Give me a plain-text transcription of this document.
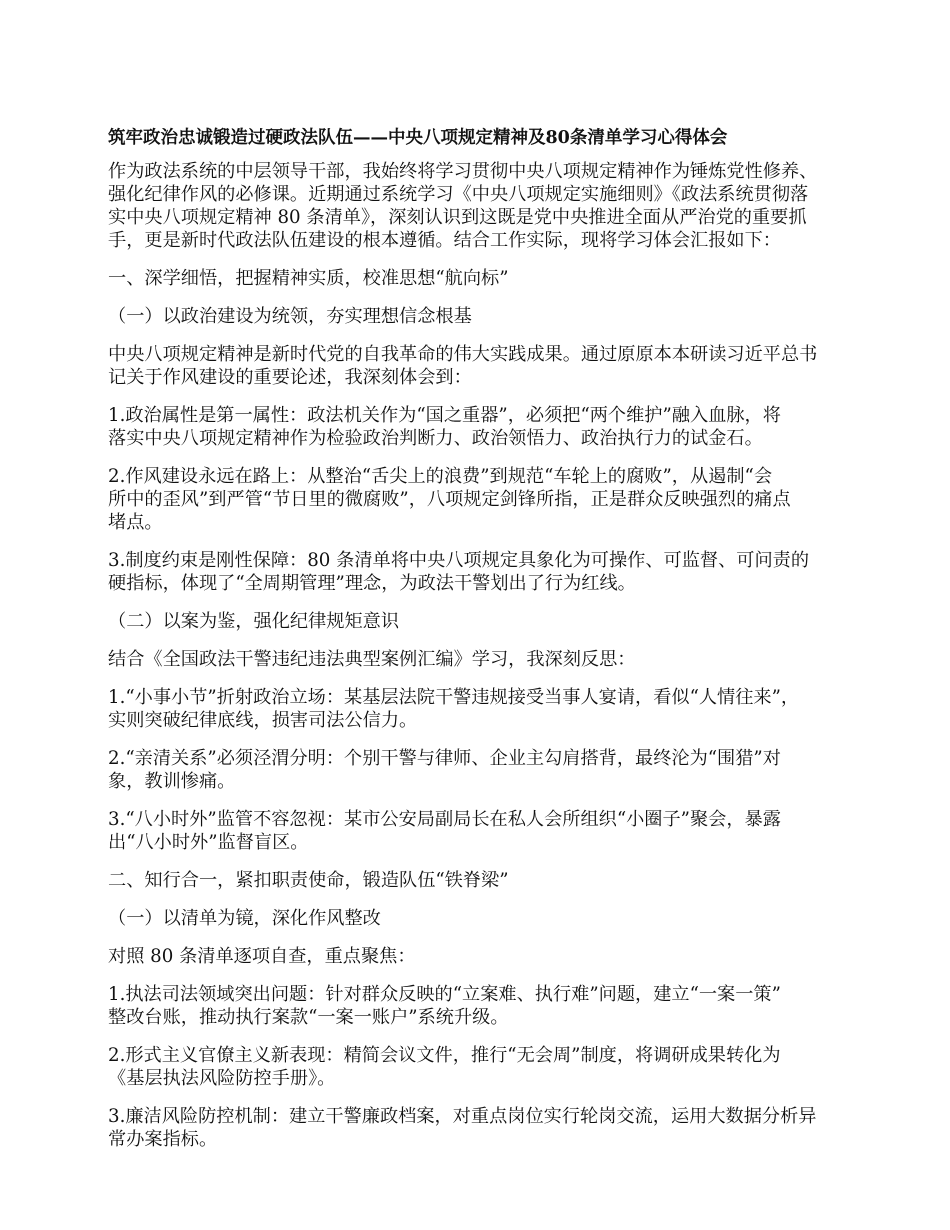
筑牢政治忠诚锻造过硬政法队伍——中央八项规定精神及80条清单学习心得体会
作为政法系统的中层领导干部，我始终将学习贯彻中央八项规定精神作为锤炼党性修养、
强化纪律作风的必修课。近期通过系统学习《中央八项规定实施细则》《政法系统贯彻落
实中央八项规定精神 80 条清单》，深刻认识到这既是党中央推进全面从严治党的重要抓
手，更是新时代政法队伍建设的根本遵循。结合工作实际，现将学习体会汇报如下：
一、深学细悟，把握精神实质，校准思想“航向标”
（一）以政治建设为统领，夯实理想信念根基
中央八项规定精神是新时代党的自我革命的伟大实践成果。通过原原本本研读习近平总书
记关于作风建设的重要论述，我深刻体会到：
1.政治属性是第一属性：政法机关作为“国之重器”，必须把“两个维护”融入血脉，将
落实中央八项规定精神作为检验政治判断力、政治领悟力、政治执行力的试金石。
2.作风建设永远在路上：从整治“舌尖上的浪费”到规范“车轮上的腐败”，从遏制“会
所中的歪风”到严管“节日里的微腐败”，八项规定剑锋所指，正是群众反映强烈的痛点
堵点。
3.制度约束是刚性保障：80 条清单将中央八项规定具象化为可操作、可监督、可问责的
硬指标，体现了“全周期管理”理念，为政法干警划出了行为红线。
（二）以案为鉴，强化纪律规矩意识
结合《全国政法干警违纪违法典型案例汇编》学习，我深刻反思：
1.“小事小节”折射政治立场：某基层法院干警违规接受当事人宴请，看似“人情往来”，
实则突破纪律底线，损害司法公信力。
2.“亲清关系”必须泾渭分明：个别干警与律师、企业主勾肩搭背，最终沦为“围猎”对
象，教训惨痛。
3.“八小时外”监管不容忽视：某市公安局副局长在私人会所组织“小圈子”聚会，暴露
出“八小时外”监督盲区。
二、知行合一，紧扣职责使命，锻造队伍“铁脊梁”
（一）以清单为镜，深化作风整改
对照 80 条清单逐项自查，重点聚焦：
1.执法司法领域突出问题：针对群众反映的“立案难、执行难”问题，建立“一案一策”
整改台账，推动执行案款“一案一账户”系统升级。
2.形式主义官僚主义新表现：精简会议文件，推行“无会周”制度，将调研成果转化为
《基层执法风险防控手册》。
3.廉洁风险防控机制：建立干警廉政档案，对重点岗位实行轮岗交流，运用大数据分析异
常办案指标。
